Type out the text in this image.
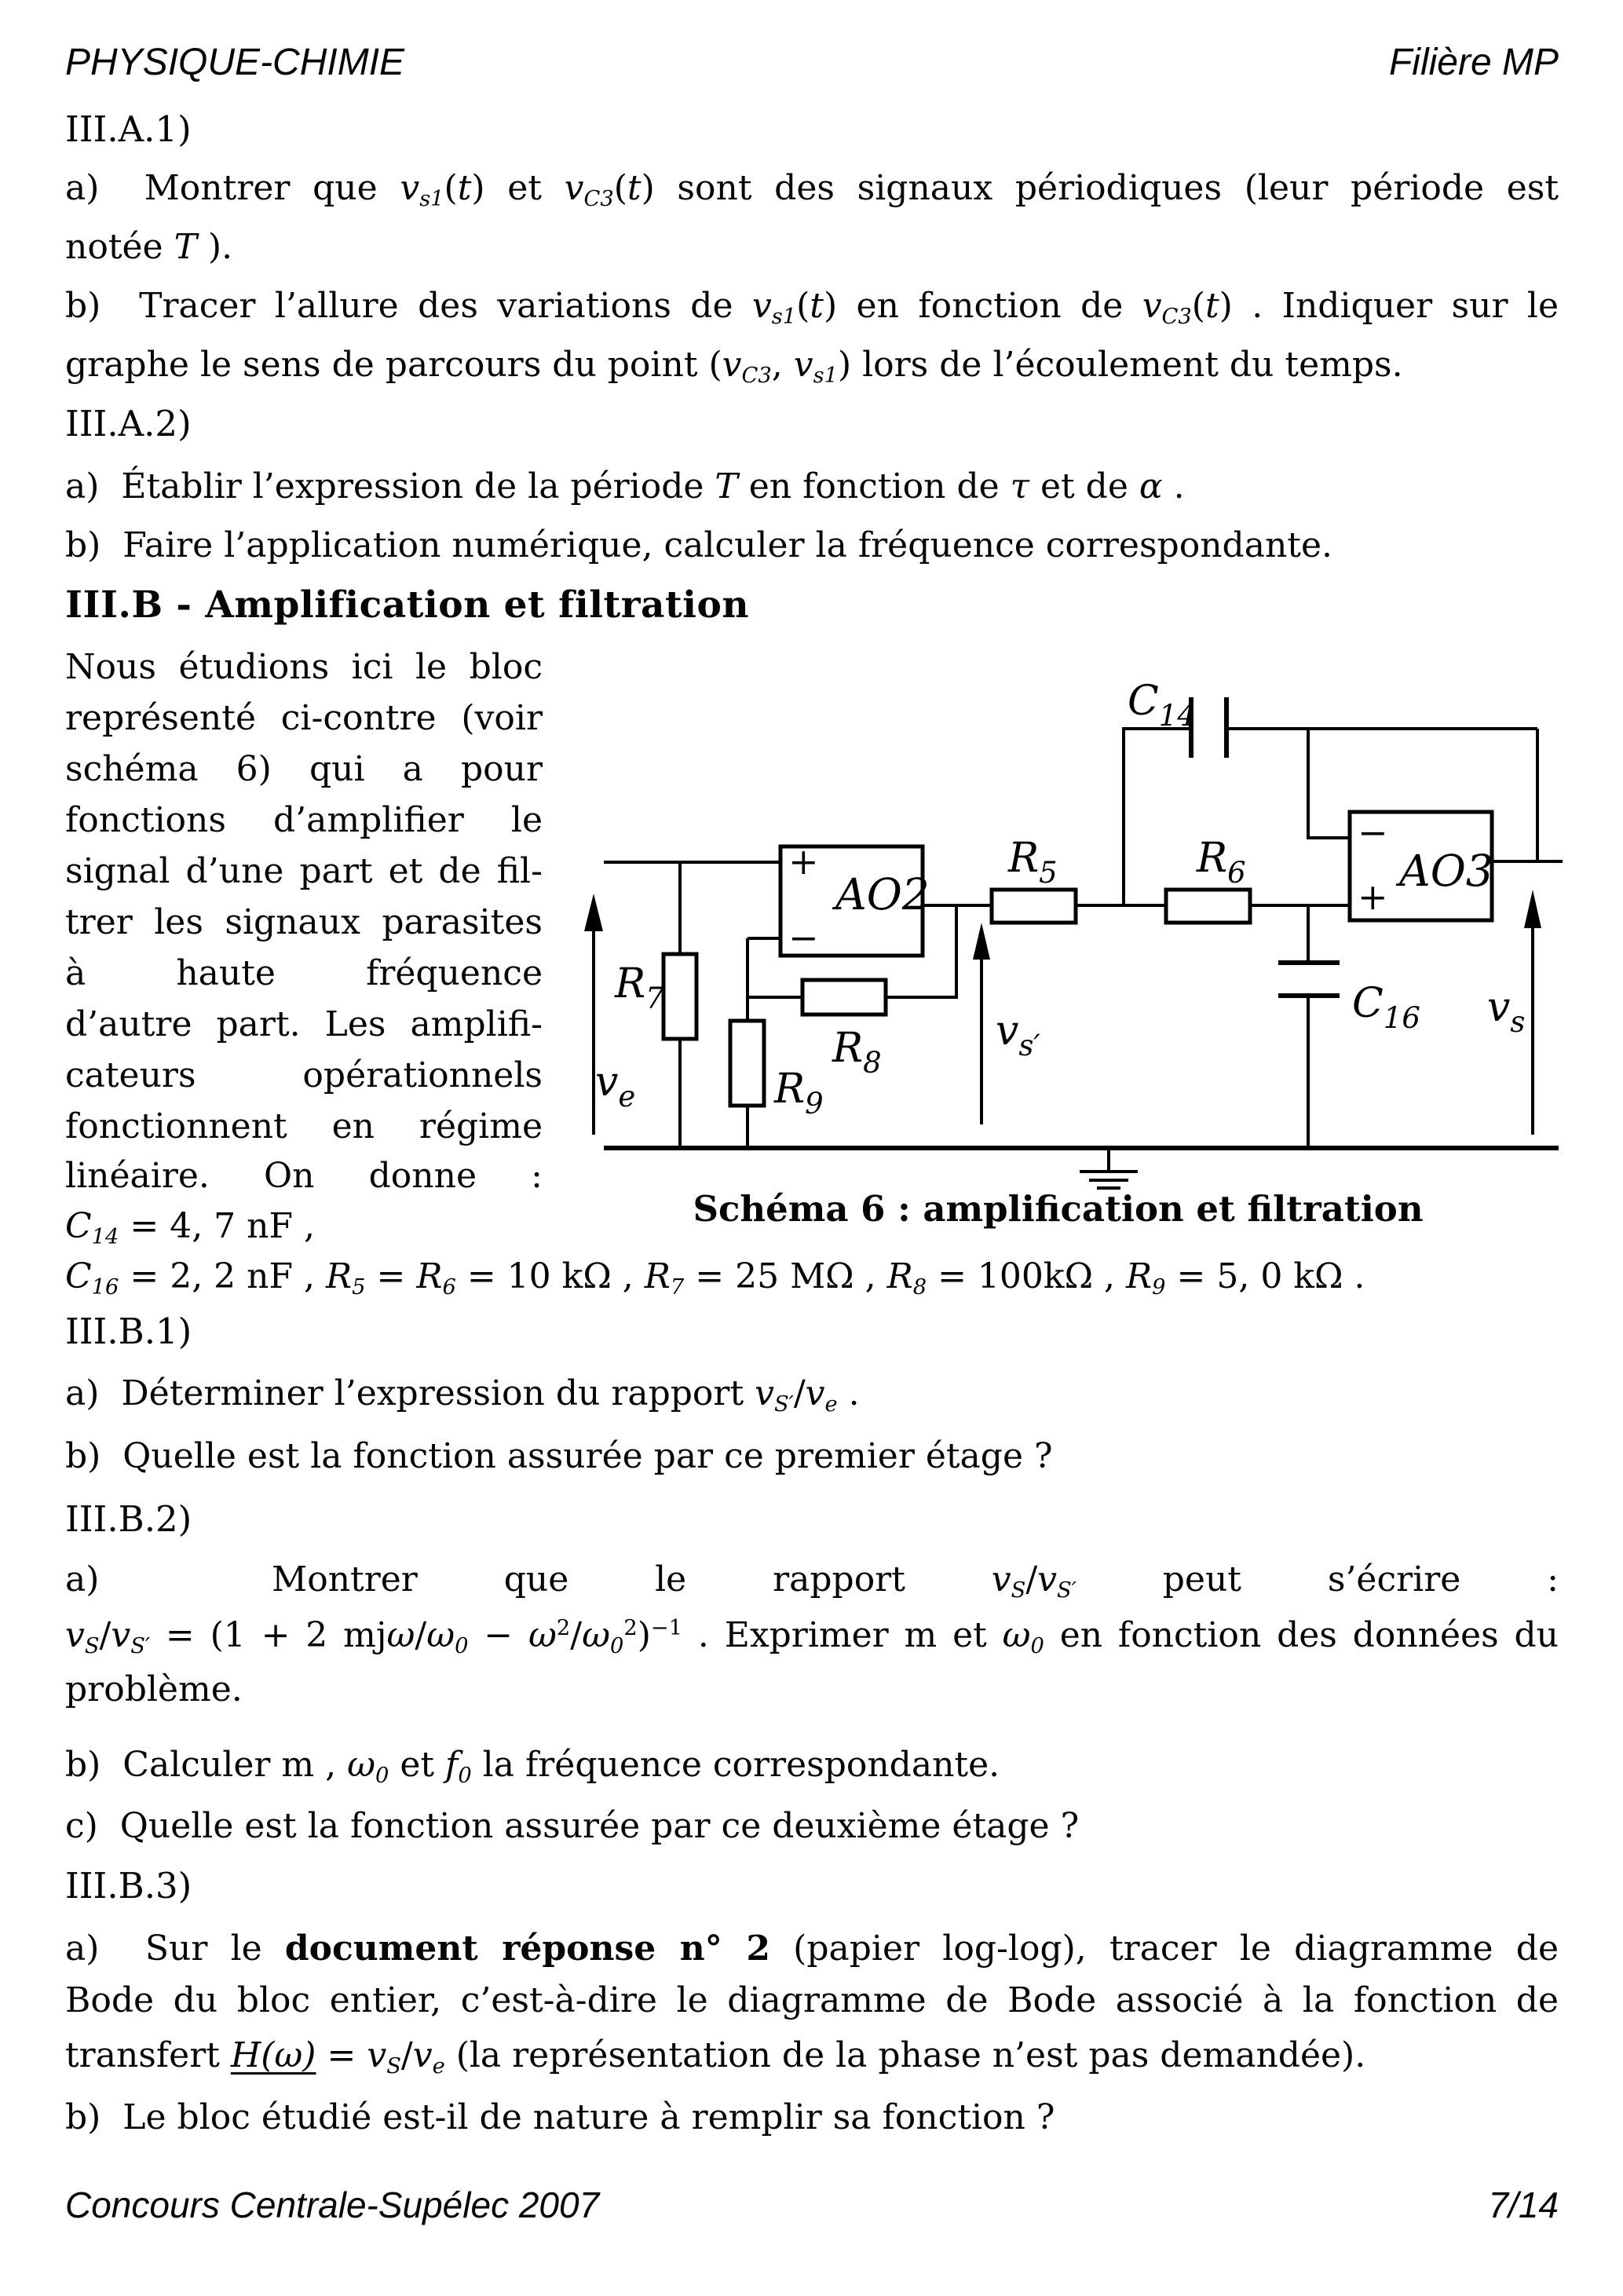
PHYSIQUE-CHIMIE	Filière MP
III.A.1)
a)  Montrer que $v_{s1}(t)$ et $v_{C3}(t)$ sont des signaux périodiques (leur période est
notée T ).
b)  Tracer l’allure des variations de $v_{s1}(t)$ en fonction de $v_{C3}(t)$ . Indiquer sur le
graphe le sens de parcours du point ($v_{C3}$, $v_{s1}$) lors de l’écoulement du temps.
III.A.2)
a)  Établir l’expression de la période T en fonction de τ et de α .
b)  Faire l’application numérique, calculer la fréquence correspondante.
III.B - Amplification et filtration
Nous étudions ici le bloc
représenté ci-contre (voir
schéma 6) qui a pour
fonctions d’amplifier le
signal d’une part et de fil-
trer les signaux parasites
à haute fréquence
d’autre part. Les amplifi-
cateurs opérationnels
fonctionnent en régime
linéaire. On donne :
$C_{14} = 4$, 7 nF ,
+
−
AO2
−
+
AO3
$R_7$
$v_e$
$R_8$
$R_9$
$R_5$	$R_6$
$C_{14}$
$C_{16}$
$v_{s'}$
$v_s$
Schéma 6 : amplification et filtration
$C_{16} = 2$, 2 nF , $R_5 = R_6 = 10$ kΩ , $R_7 = 25$ MΩ , $R_8 = 100k\Omega$ , $R_9 = 5$, 0 kΩ .
III.B.1)
a)  Déterminer l’expression du rapport $v_{S'}/v_e$ .
b)  Quelle est la fonction assurée par ce premier étage ?
III.B.2)
a)  Montrer que le rapport $v_S/v_{S'}$ peut s’écrire :
$v_S/v_{S'} = (1 + 2$ mjω/$\omega_0 - \omega^2/\omega_0^2)^{-1}$ . Exprimer m et $\omega_0$ en fonction des données du
problème.
b)  Calculer m , $\omega_0$ et $f_0$ la fréquence correspondante.
c)  Quelle est la fonction assurée par ce deuxième étage ?
III.B.3)
a)  Sur le document réponse n° 2 (papier log-log), tracer le diagramme de
Bode du bloc entier, c’est-à-dire le diagramme de Bode associé à la fonction de
transfert $H(\omega) = v_S/v_e$ (la représentation de la phase n’est pas demandée).
b)  Le bloc étudié est-il de nature à remplir sa fonction ?
Concours Centrale-Supélec 2007	7/14
